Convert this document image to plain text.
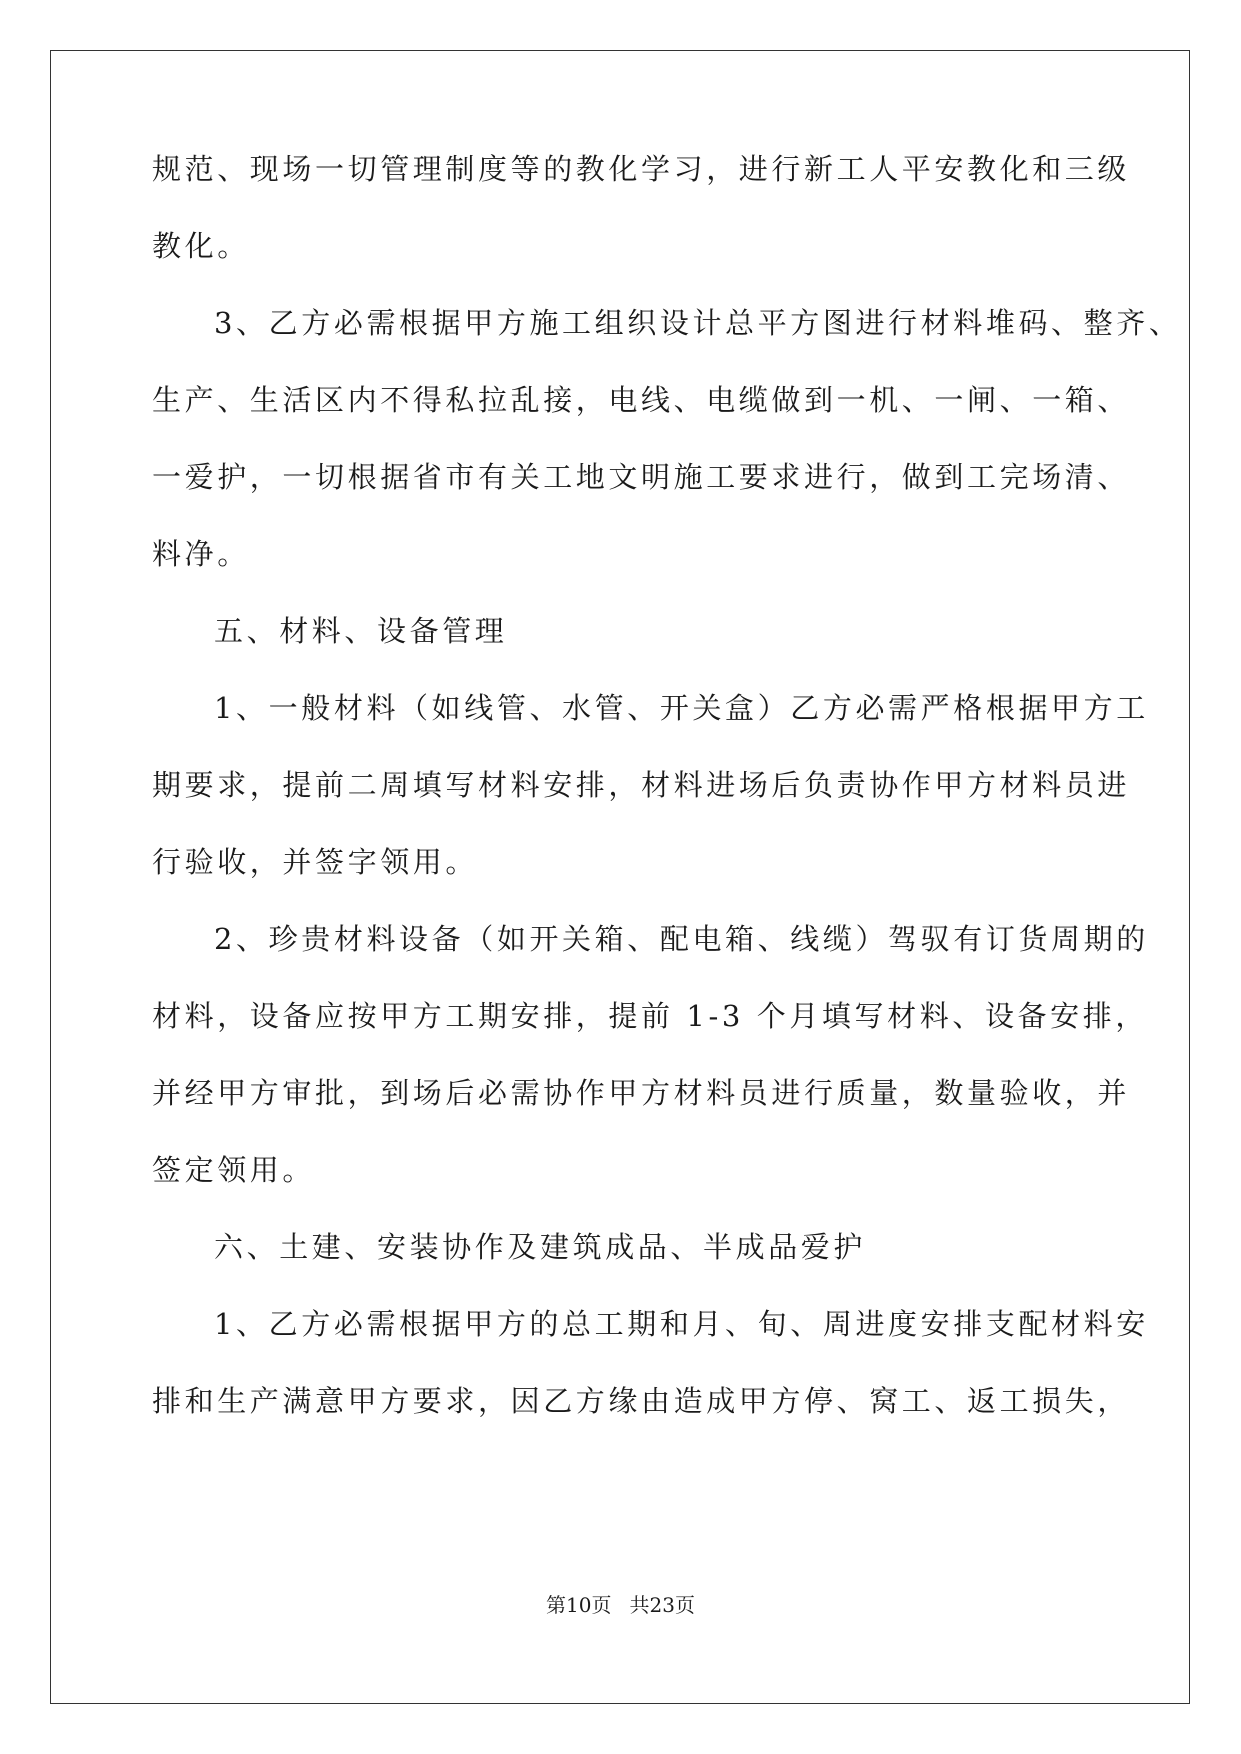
规范、现场一切管理制度等的教化学习，进行新工人平安教化和三级
教化。
3、乙方必需根据甲方施工组织设计总平方图进行材料堆码、整齐、
生产、生活区内不得私拉乱接，电线、电缆做到一机、一闸、一箱、
一爱护，一切根据省市有关工地文明施工要求进行，做到工完场清、
料净。
五、材料、设备管理
1、一般材料（如线管、水管、开关盒）乙方必需严格根据甲方工
期要求，提前二周填写材料安排，材料进场后负责协作甲方材料员进
行验收，并签字领用。
2、珍贵材料设备（如开关箱、配电箱、线缆）驾驭有订货周期的
材料，设备应按甲方工期安排，提前 1-3 个月填写材料、设备安排，
并经甲方审批，到场后必需协作甲方材料员进行质量，数量验收，并
签定领用。
六、土建、安装协作及建筑成品、半成品爱护
1、乙方必需根据甲方的总工期和月、旬、周进度安排支配材料安
排和生产满意甲方要求，因乙方缘由造成甲方停、窝工、返工损失，
第10页 共23页
